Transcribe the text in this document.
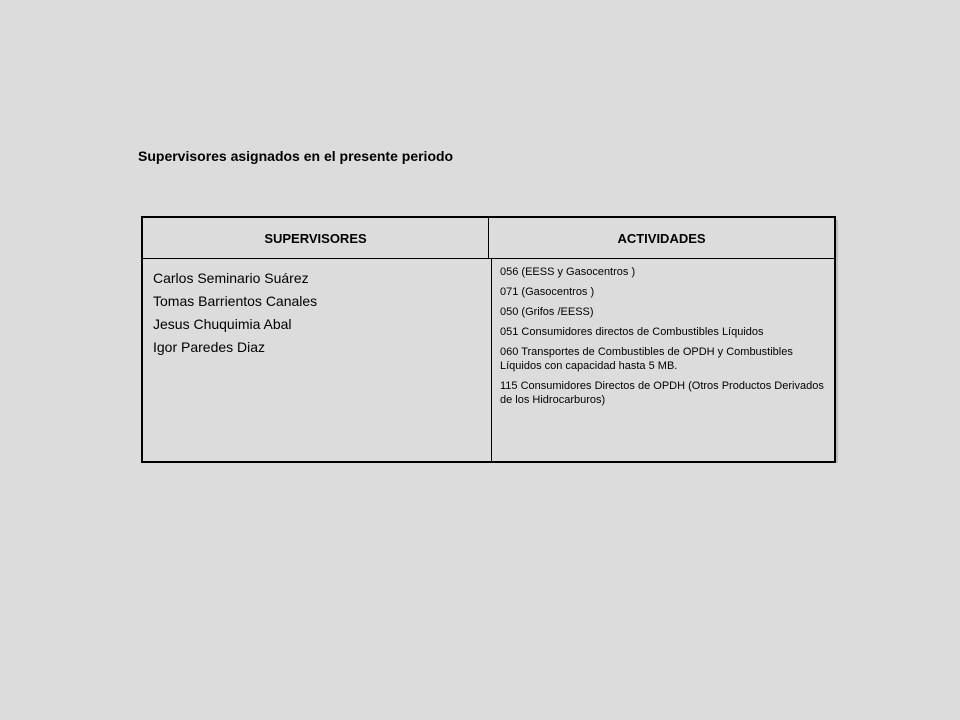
Supervisores asignados en el presente periodo
SUPERVISORES	ACTIVIDADES
Carlos Seminario Suárez
Tomas Barrientos Canales
Jesus Chuquimia Abal
Igor Paredes Diaz
056 (EESS y Gasocentros )
071 (Gasocentros )
050 (Grifos /EESS)
051 Consumidores directos de Combustibles Líquidos
060 Transportes de Combustibles de OPDH y Combustibles Líquidos con capacidad hasta 5 MB.
115 Consumidores Directos de OPDH (Otros Productos Derivados de los Hidrocarburos)
